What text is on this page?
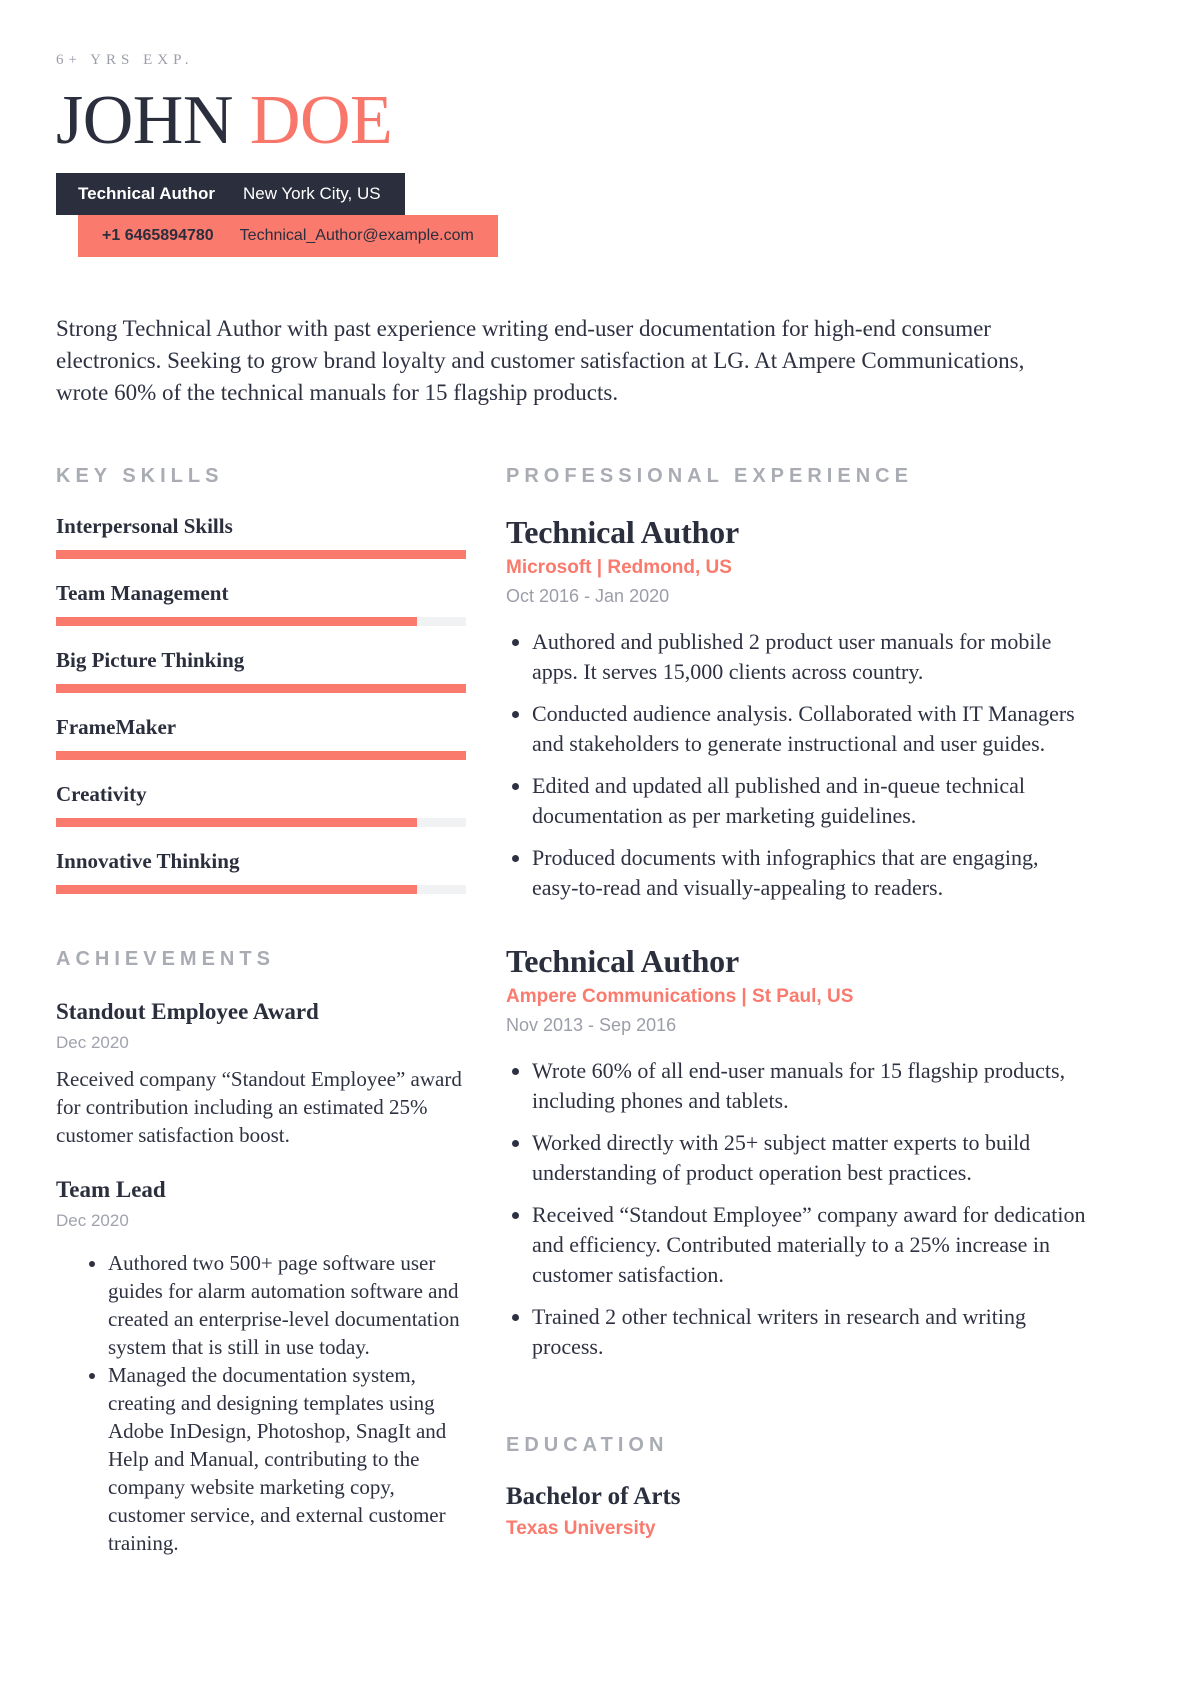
6+ YRS EXP.
JOHN DOE
Technical Author New York City, US
+1 6465894780 Technical_Author@example.com
Strong Technical Author with past experience writing end-user documentation for high-end consumer electronics. Seeking to grow brand loyalty and customer satisfaction at LG. At Ampere Communications, wrote 60% of the technical manuals for 15 flagship products.
KEY SKILLS
Interpersonal Skills
Team Management
Big Picture Thinking
FrameMaker
Creativity
Innovative Thinking
ACHIEVEMENTS
Standout Employee Award
Dec 2020
Received company “Standout Employee” award for contribution including an estimated 25% customer satisfaction boost.
Team Lead
Dec 2020
• Authored two 500+ page software user guides for alarm automation software and created an enterprise-level documentation system that is still in use today.
• Managed the documentation system, creating and designing templates using Adobe InDesign, Photoshop, SnagIt and Help and Manual, contributing to the company website marketing copy, customer service, and external customer training.
PROFESSIONAL EXPERIENCE
Technical Author
Microsoft | Redmond, US
Oct 2016 - Jan 2020
• Authored and published 2 product user manuals for mobile apps. It serves 15,000 clients across country.
• Conducted audience analysis. Collaborated with IT Managers and stakeholders to generate instructional and user guides.
• Edited and updated all published and in-queue technical documentation as per marketing guidelines.
• Produced documents with infographics that are engaging, easy-to-read and visually-appealing to readers.
Technical Author
Ampere Communications | St Paul, US
Nov 2013 - Sep 2016
• Wrote 60% of all end-user manuals for 15 flagship products, including phones and tablets.
• Worked directly with 25+ subject matter experts to build understanding of product operation best practices.
• Received “Standout Employee” company award for dedication and efficiency. Contributed materially to a 25% increase in customer satisfaction.
• Trained 2 other technical writers in research and writing process.
EDUCATION
Bachelor of Arts
Texas University
